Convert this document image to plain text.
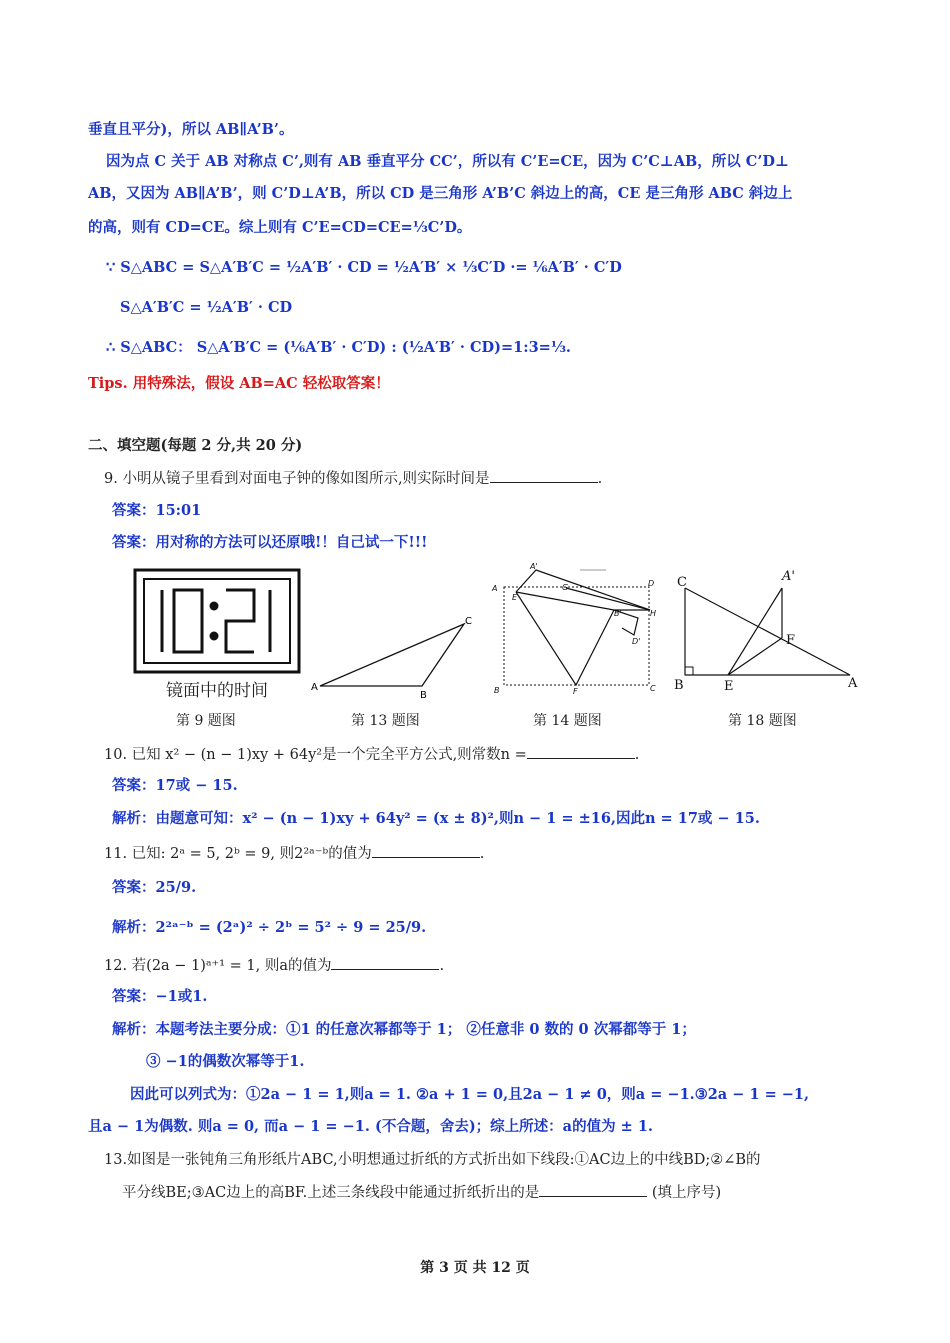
垂直且平分)，所以 AB∥A’B’。
因为点 C 关于 AB 对称点 C’,则有 AB 垂直平分 CC’，所以有 C’E=CE，因为 C’C⊥AB，所以 C’D⊥
AB，又因为 AB∥A’B’，则 C’D⊥A’B，所以 CD 是三角形 A’B’C 斜边上的高，CE 是三角形 ABC 斜边上
的高，则有 CD=CE。综上则有 C’E=CD=CE=⅓C’D。
∵ S△ABC = S△A′B′C = ½A′B′ · CD = ½A′B′ × ⅓C′D ·= ⅙A′B′ · C′D
S△A′B′C = ½A′B′ · CD
∴ S△ABC： S△A′B′C = (⅙A′B′ · C′D) : (½A′B′ · CD)=1:3=⅓.
Tips. 用特殊法，假设 AB=AC 轻松取答案！
二、填空题(每题 2 分,共 20 分)
9. 小明从镜子里看到对面电子钟的像如图所示,则实际时间是	.
答案：15:01
答案：用对称的方法可以还原哦!！自己试一下!!!
镜面中的时间
第 9 题图
A
B
C
第 13 题图
A
A'
E
G	D
B'	H
D'
B	F	C
第 14 题图
C	A'
F
B	E	A
第 18 题图
10. 已知 x² − (n − 1)xy + 64y²是一个完全平方公式,则常数n =	.
答案：17或 − 15.
解析：由题意可知：x² − (n − 1)xy + 64y² = (x ± 8)²,则n − 1 = ±16,因此n = 17或 − 15.
11. 已知: 2ᵃ = 5, 2ᵇ = 9, 则2²ᵃ⁻ᵇ的值为	.
答案：25/9.
解析：2²ᵃ⁻ᵇ = (2ᵃ)² ÷ 2ᵇ = 5² ÷ 9 = 25/9.
12. 若(2a − 1)ᵃ⁺¹ = 1, 则a的值为	.
答案：−1或1.
解析：本题考法主要分成：①1 的任意次幂都等于 1； ②任意非 0 数的 0 次幂都等于 1；
③ −1的偶数次幂等于1.
因此可以列式为：①2a − 1 = 1,则a = 1. ②a + 1 = 0,且2a − 1 ≠ 0，则a = −1.③2a − 1 = −1,
且a − 1为偶数. 则a = 0, 而a − 1 = −1. (不合题，舍去)；综上所述：a的值为 ± 1.
13.如图是一张钝角三角形纸片ABC,小明想通过折纸的方式折出如下线段:①AC边上的中线BD;②∠B的
平分线BE;③AC边上的高BF.上述三条线段中能通过折纸折出的是	(填上序号)
第 3 页 共 12 页
